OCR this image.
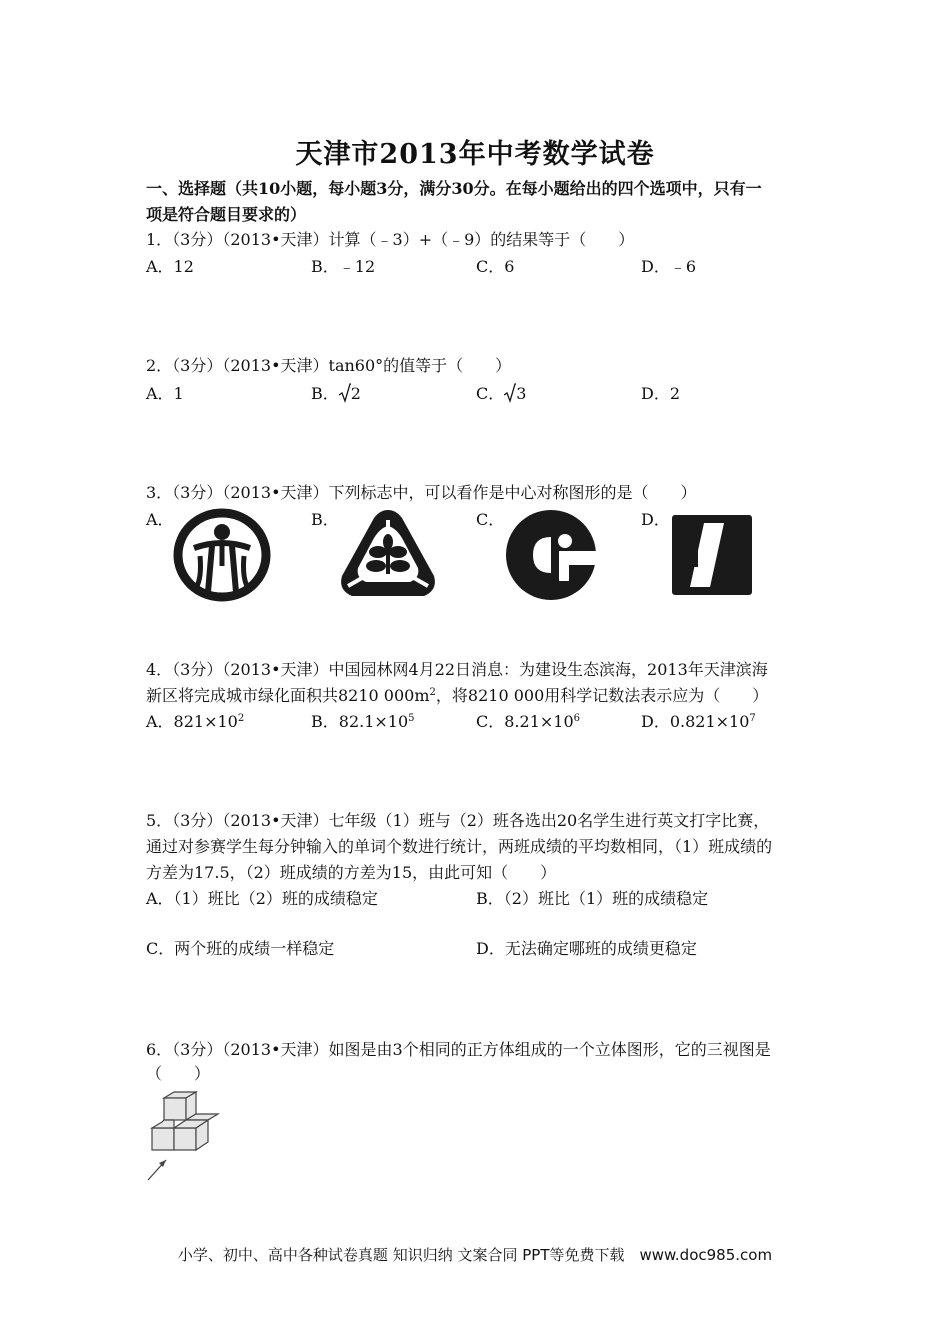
天津市2013年中考数学试卷
一、选择题（共10小题，每小题3分，满分30分。在每小题给出的四个选项中，只有一
项是符合题目要求的）
1．（3分）（2013•天津）计算（﹣3）+（﹣9）的结果等于（　　）
A．12	B．﹣12	C．6	D．﹣6
2．（3分）（2013•天津）tan60°的值等于（　　）
A．1	B． 2	C． 3	D．2
3．（3分）（2013•天津）下列标志中，可以看作是中心对称图形的是（　　）
A．	B．	C．	D．
4．（3分）（2013•天津）中国园林网4月22日消息：为建设生态滨海，2013年天津滨海
新区将完成城市绿化面积共8210 $000m^2$，将8210 000用科学记数法表示应为（　　）
A．$821\times 10^2$	B．$82.1\times 10^5$	C．$8.21\times 10^6$	D．$0.821\times 10^7$
5．（3分）（2013•天津）七年级（1）班与（2）班各选出20名学生进行英文打字比赛，
通过对参赛学生每分钟输入的单词个数进行统计，两班成绩的平均数相同，（1）班成绩的
方差为17.5，（2）班成绩的方差为15，由此可知（　　）
A．（1）班比（2）班的成绩稳定	B．（2）班比（1）班的成绩稳定
C．两个班的成绩一样稳定	D．无法确定哪班的成绩更稳定
6．（3分）（2013•天津）如图是由3个相同的正方体组成的一个立体图形，它的三视图是
（　　）
小学、初中、高中各种试卷真题 知识归纳 文案合同 PPT等免费下载　www.doc985.com
